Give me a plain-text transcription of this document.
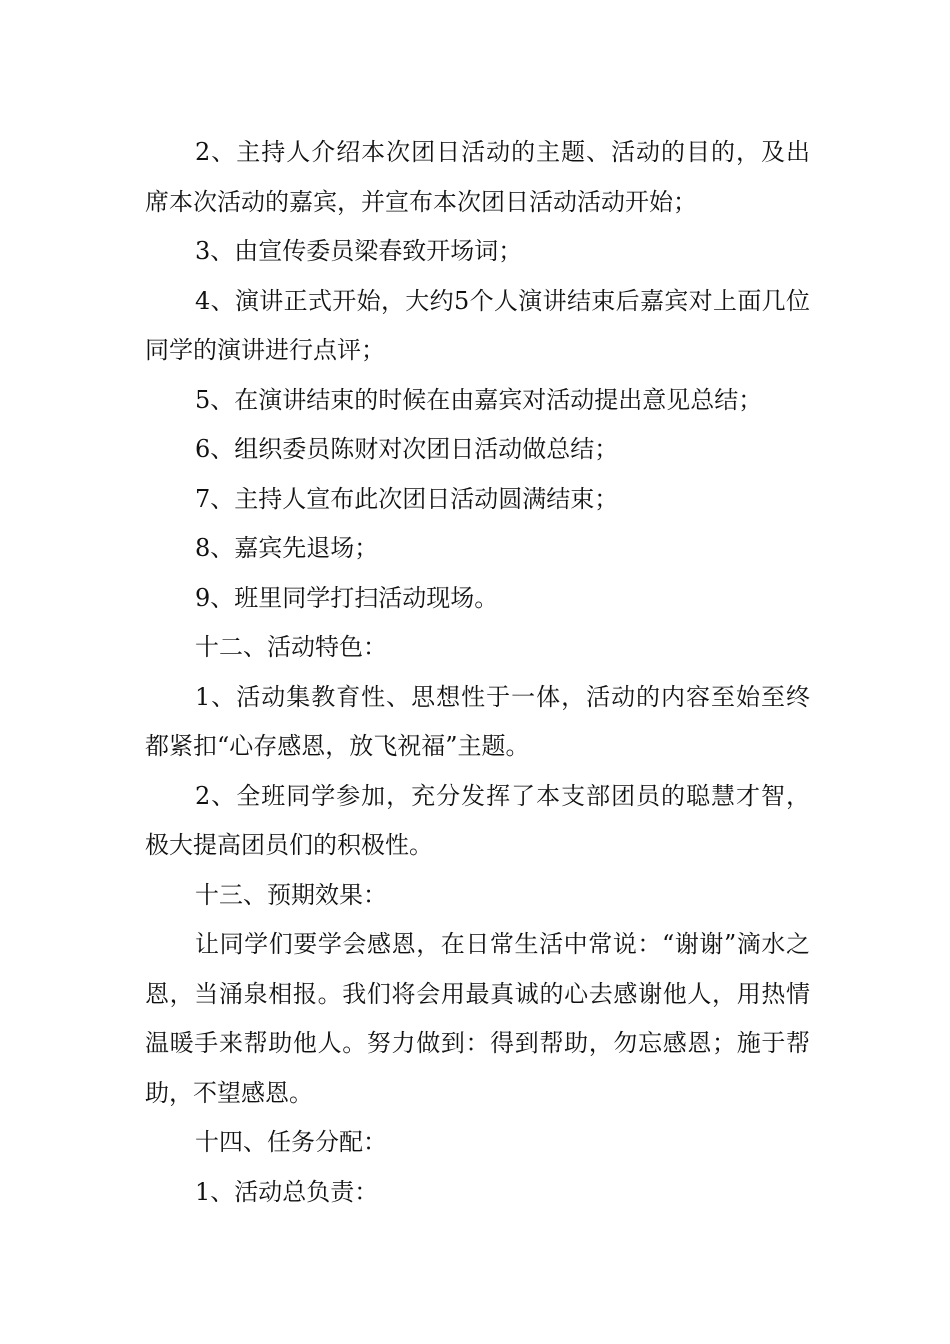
2、主持人介绍本次团日活动的主题、活动的目的，及出席本次活动的嘉宾，并宣布本次团日活动活动开始；

3、由宣传委员梁春致开场词；

4、演讲正式开始，大约5个人演讲结束后嘉宾对上面几位同学的演讲进行点评；

5、在演讲结束的时候在由嘉宾对活动提出意见总结；

6、组织委员陈财对次团日活动做总结；

7、主持人宣布此次团日活动圆满结束；

8、嘉宾先退场；

9、班里同学打扫活动现场。

十二、活动特色：

1、活动集教育性、思想性于一体，活动的内容至始至终都紧扣“心存感恩，放飞祝福”主题。

2、全班同学参加，充分发挥了本支部团员的聪慧才智，极大提高团员们的积极性。

十三、预期效果：

让同学们要学会感恩，在日常生活中常说：“谢谢”滴水之恩，当涌泉相报。我们将会用最真诚的心去感谢他人，用热情温暖手来帮助他人。努力做到：得到帮助，勿忘感恩；施于帮助，不望感恩。

十四、任务分配：

1、活动总负责：
